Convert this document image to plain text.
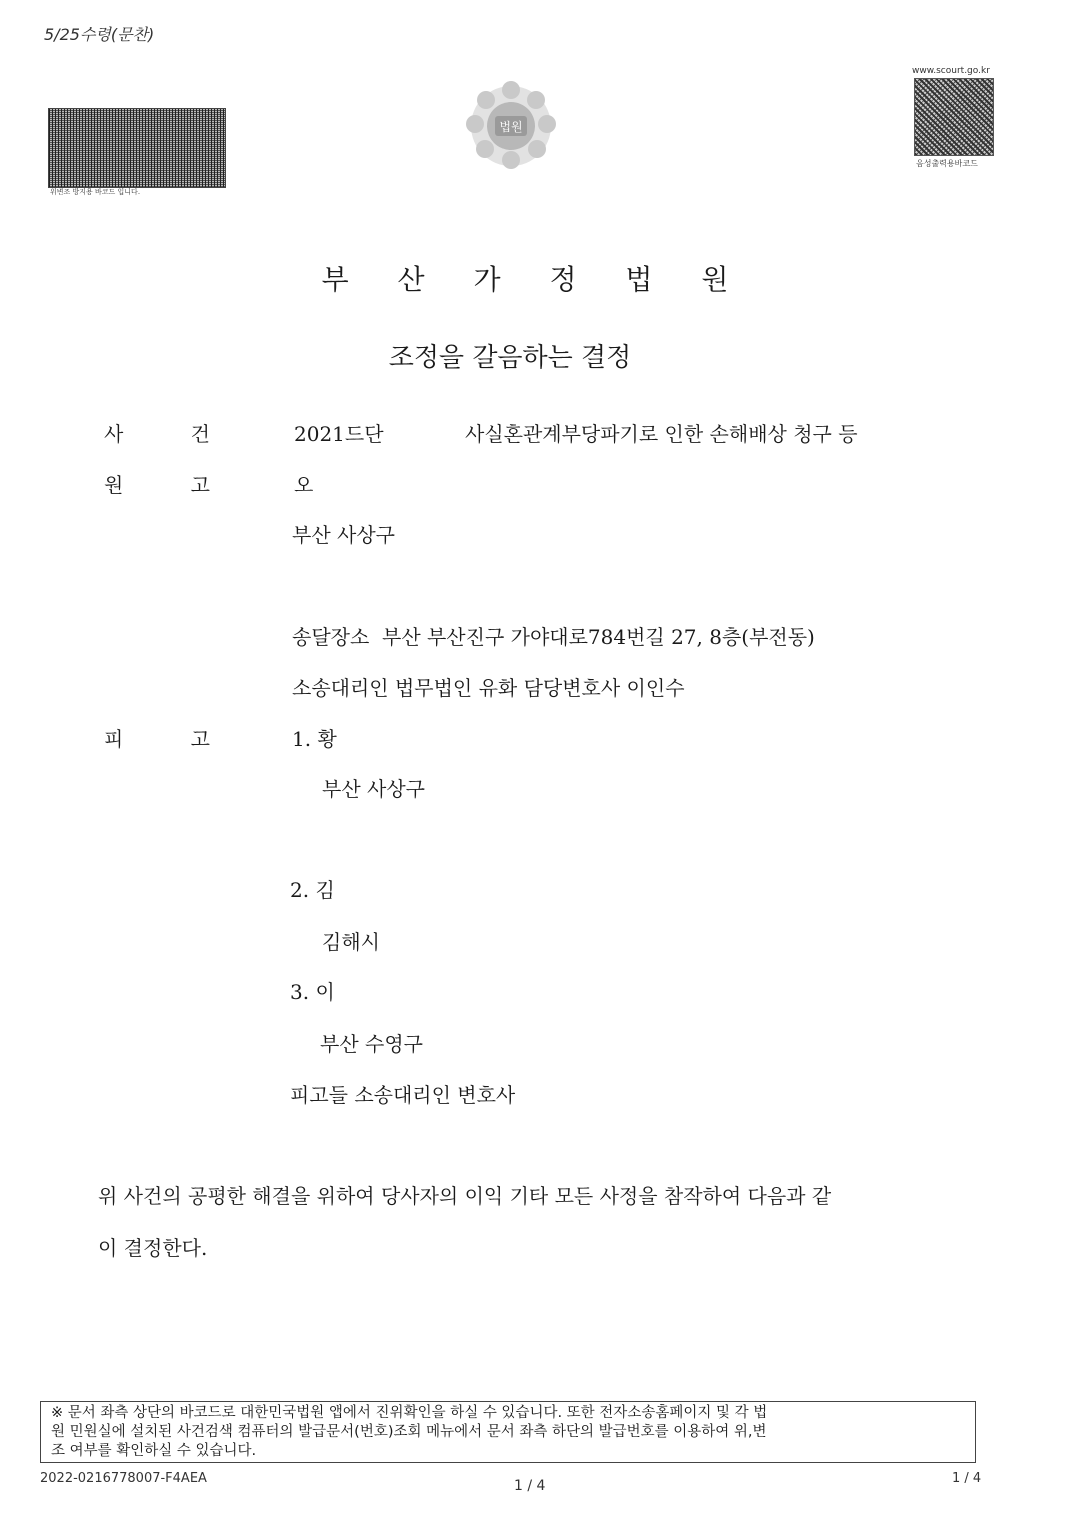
5/25수령(문찬)
위변조 방지용 바코드 입니다.
법원
www.scourt.go.kr
음성출력용바코드
부 산 가 정 법 원
조정을 갈음하는 결정
사	건	2021드단	사실혼관계부당파기로 인한 손해배상 청구 등
원	고	오
부산 사상구
송달장소  부산 부산진구 가야대로784번길 27, 8층(부전동)
소송대리인 법무법인 유화 담당변호사 이인수
피	고	1. 황
부산 사상구
2. 김
김해시
3. 이
부산 수영구
피고들 소송대리인 변호사
위 사건의 공평한 해결을 위하여 당사자의 이익 기타 모든 사정을 참작하여 다음과 같
이 결정한다.
※ 문서 좌측 상단의 바코드로 대한민국법원 앱에서 진위확인을 하실 수 있습니다. 또한 전자소송홈페이지 및 각 법
원 민원실에 설치된 사건검색 컴퓨터의 발급문서(번호)조회 메뉴에서 문서 좌측 하단의 발급번호를 이용하여 위,변
조 여부를 확인하실 수 있습니다.
2022-0216778007-F4AEA	1 / 4	1 / 4
